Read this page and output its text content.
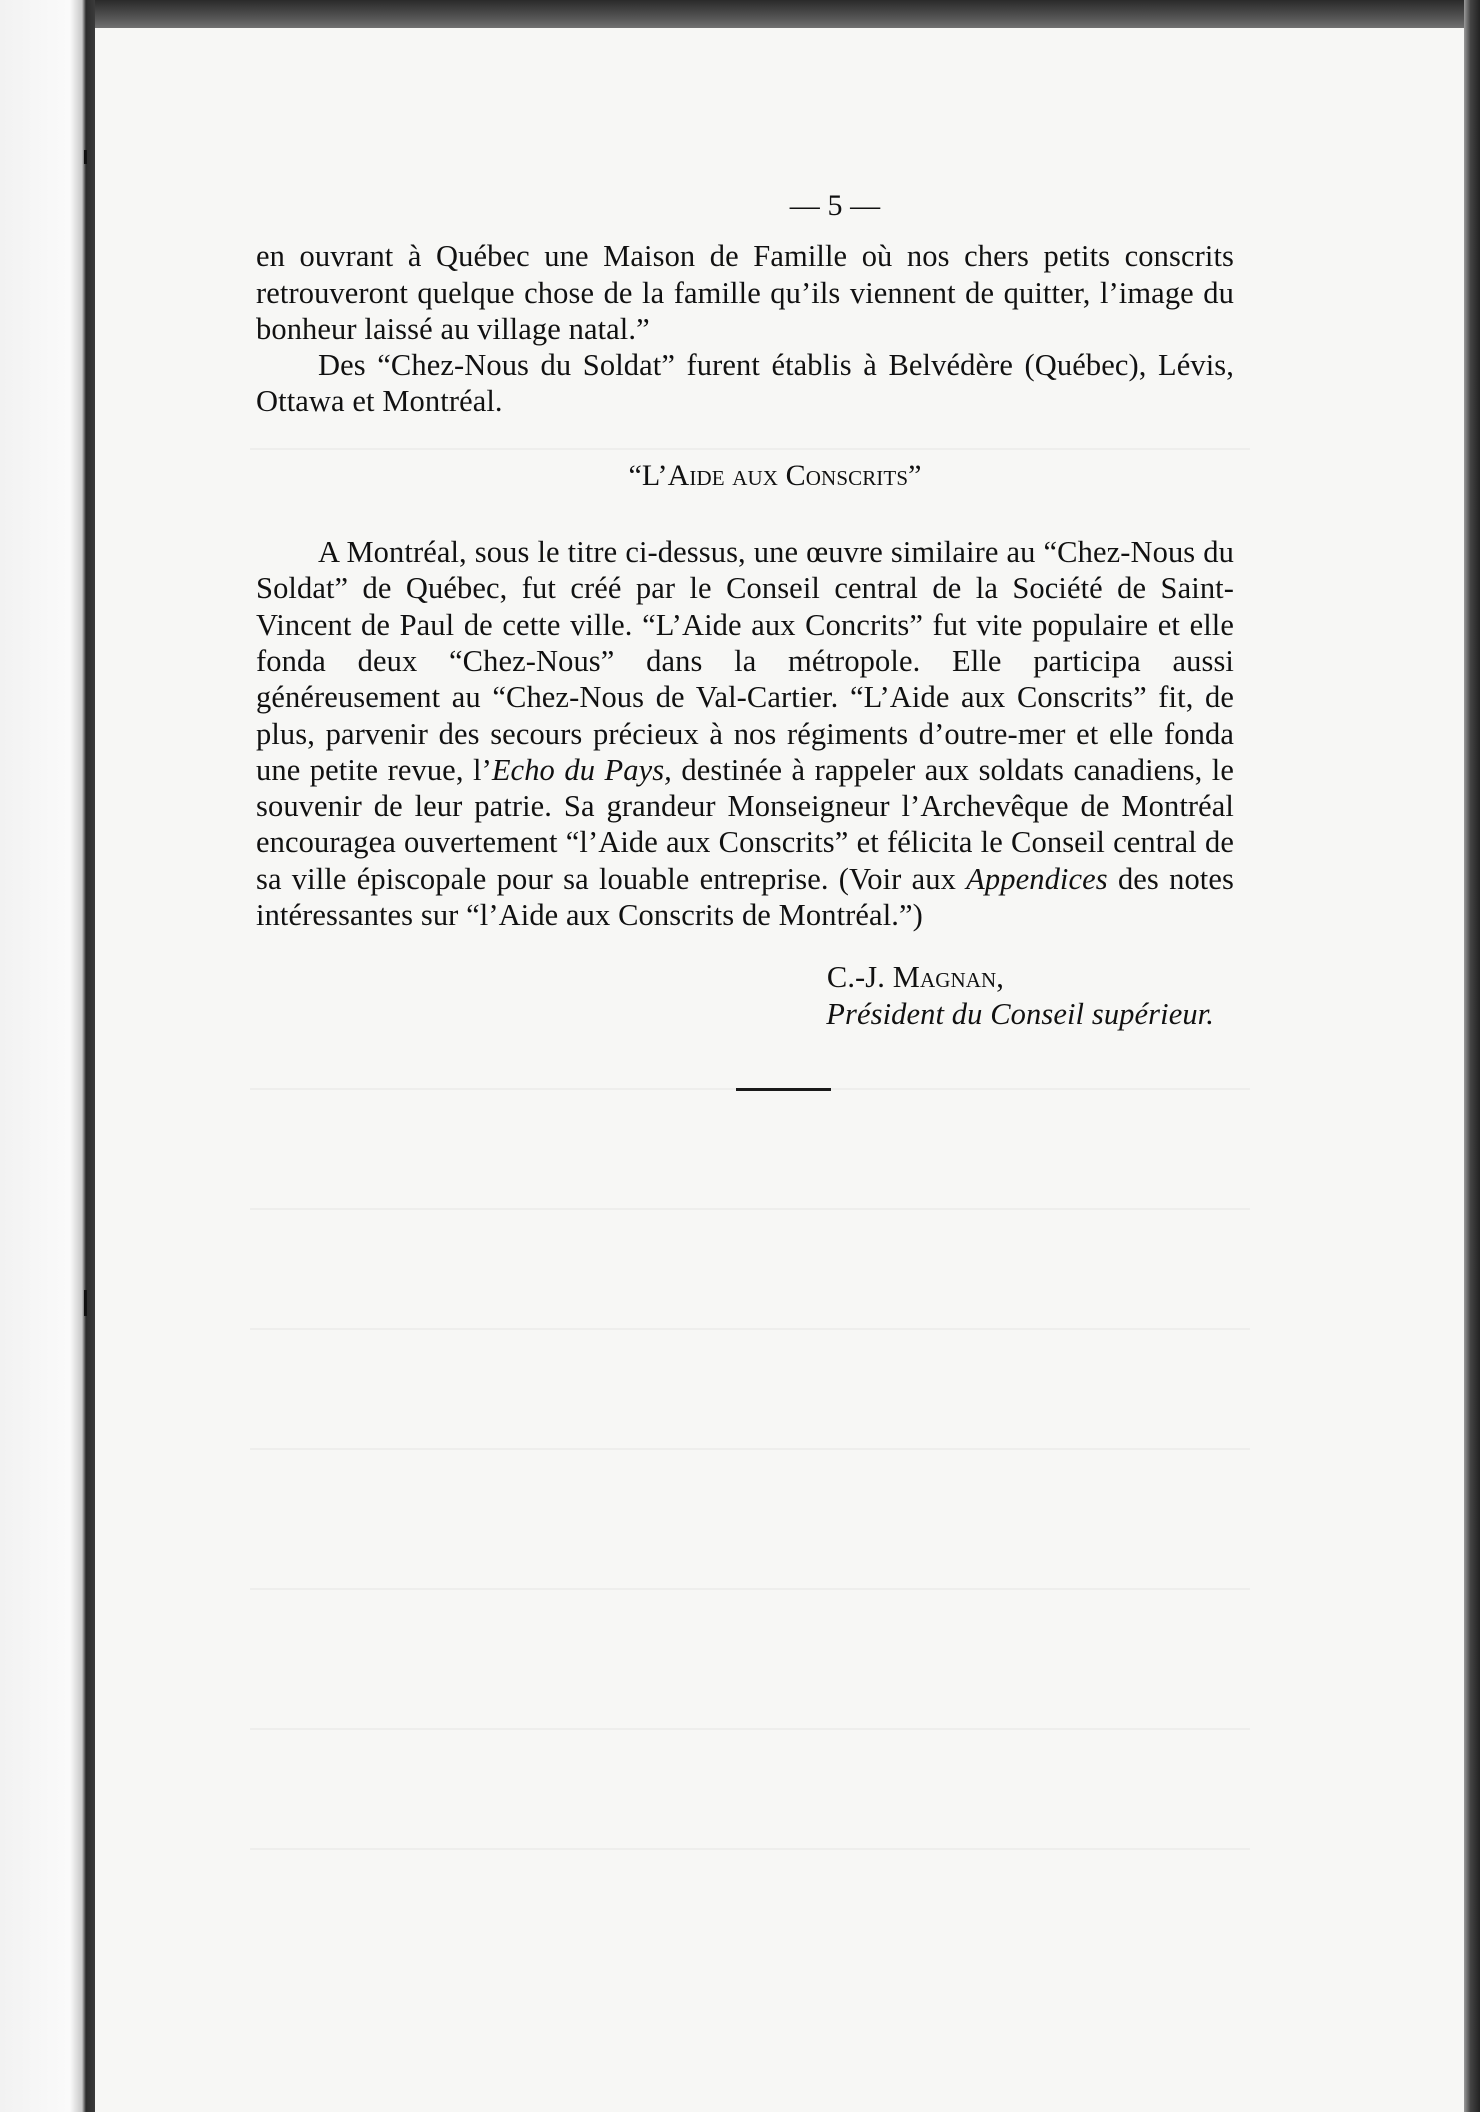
— 5 —

en ouvrant à Québec une Maison de Famille où nos chers petits conscrits retrouveront quelque chose de la famille qu’ils viennent de quitter, l’image du bonheur laissé au village natal.”

Des “Chez-Nous du Soldat” furent établis à Belvédère (Québec), Lévis, Ottawa et Montréal.

“L’Aide aux Conscrits”

A Montréal, sous le titre ci-dessus, une œuvre similaire au “Chez-Nous du Soldat” de Québec, fut créé par le Conseil central de la Société de Saint-Vincent de Paul de cette ville. “L’Aide aux Concrits” fut vite populaire et elle fonda deux “Chez-Nous” dans la métropole. Elle participa aussi généreusement au “Chez-Nous de Val-Cartier. “L’Aide aux Conscrits” fit, de plus, parvenir des secours précieux à nos régiments d’outre-mer et elle fonda une petite revue, l’Echo du Pays, destinée à rappeler aux soldats canadiens, le souvenir de leur patrie. Sa grandeur Monseigneur l’Archevêque de Montréal encouragea ouvertement “l’Aide aux Conscrits” et félicita le Conseil central de sa ville épiscopale pour sa louable entreprise. (Voir aux Appendices des notes intéressantes sur “l’Aide aux Conscrits de Montréal.”)

C.-J. Magnan,
Président du Conseil supérieur.
